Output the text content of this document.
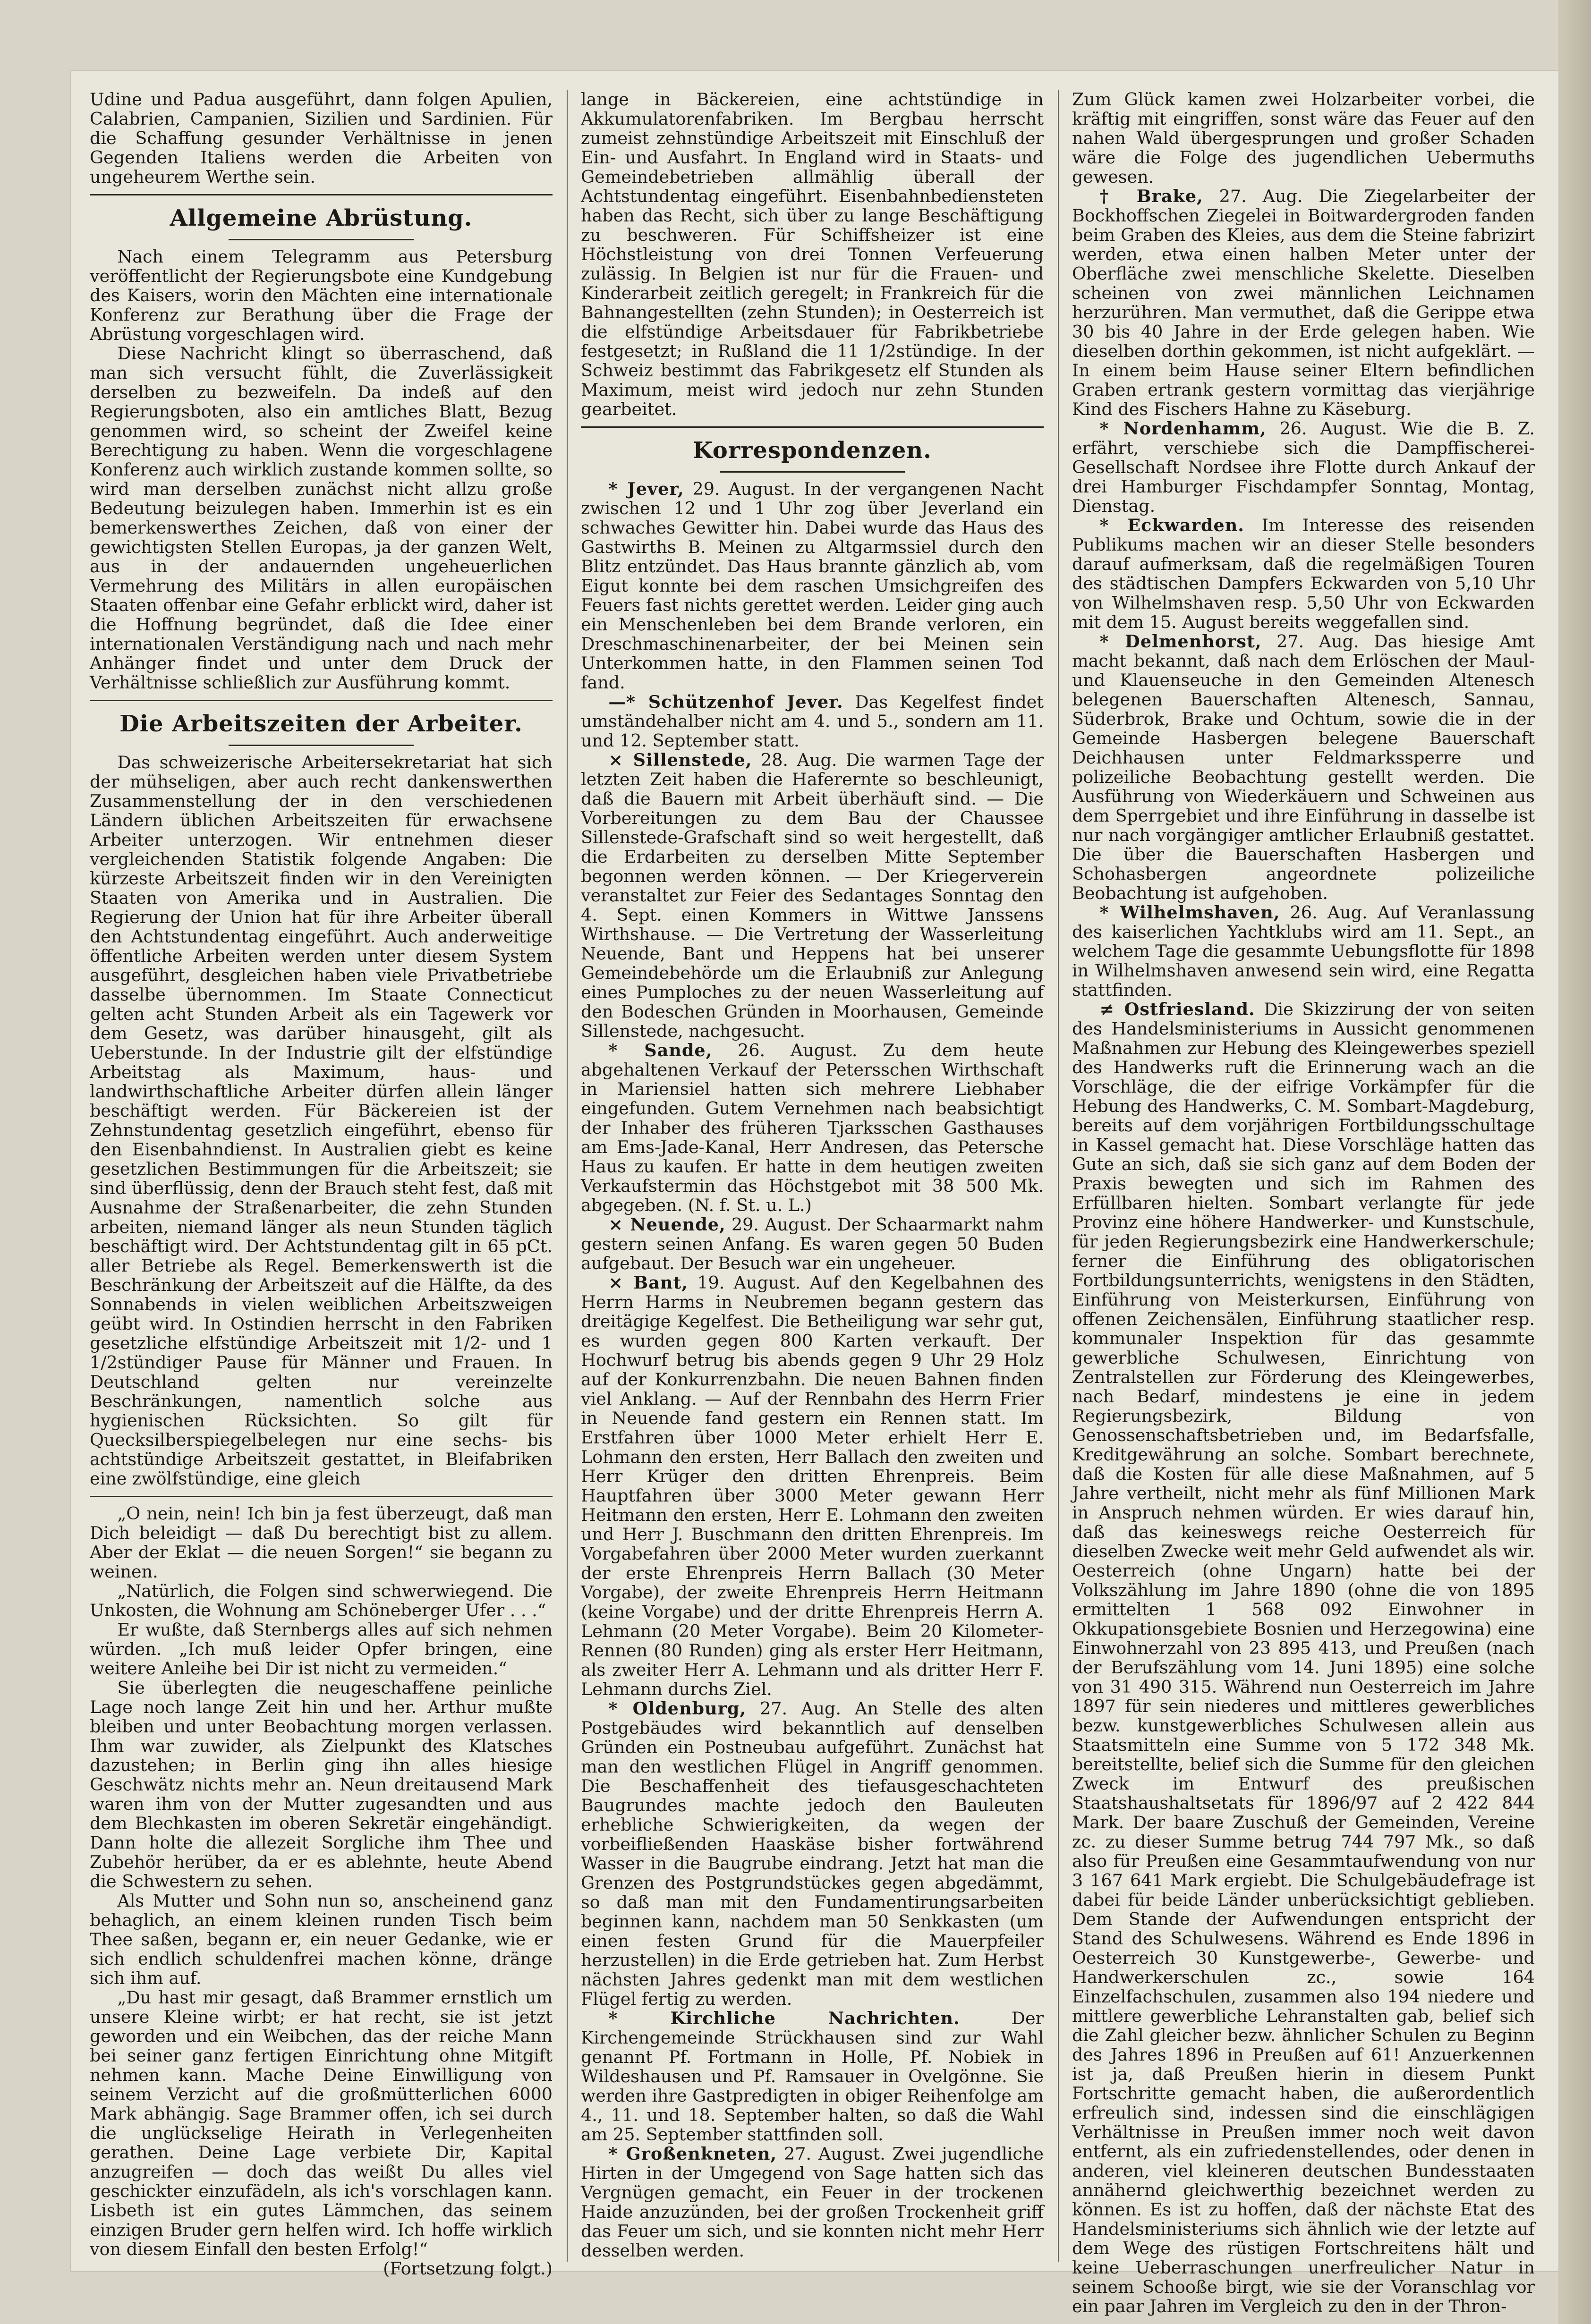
Udine und Padua ausgeführt, dann folgen Apulien, Calabrien, Campanien, Sizilien und Sardinien. Für die Schaffung gesunder Verhältnisse in jenen Gegenden Italiens werden die Arbeiten von ungeheurem Werthe sein.

Allgemeine Abrüstung.

Nach einem Telegramm aus Petersburg veröffentlicht der Regierungsbote eine Kundgebung des Kaisers, worin den Mächten eine internationale Konferenz zur Berathung über die Frage der Abrüstung vorgeschlagen wird.

Diese Nachricht klingt so überraschend, daß man sich versucht fühlt, die Zuverlässigkeit derselben zu bezweifeln. Da indeß auf den Regierungsboten, also ein amtliches Blatt, Bezug genommen wird, so scheint der Zweifel keine Berechtigung zu haben. Wenn die vorgeschlagene Konferenz auch wirklich zustande kommen sollte, so wird man derselben zunächst nicht allzu große Bedeutung beizulegen haben. Immerhin ist es ein bemerkenswerthes Zeichen, daß von einer der gewichtigsten Stellen Europas, ja der ganzen Welt, aus in der andauernden ungeheuerlichen Vermehrung des Militärs in allen europäischen Staaten offenbar eine Gefahr erblickt wird, daher ist die Hoffnung begründet, daß die Idee einer internationalen Verständigung nach und nach mehr Anhänger findet und unter dem Druck der Verhältnisse schließlich zur Ausführung kommt.

Die Arbeitszeiten der Arbeiter.

Das schweizerische Arbeitersekretariat hat sich der mühseligen, aber auch recht dankenswerthen Zusammenstellung der in den verschiedenen Ländern üblichen Arbeitszeiten für erwachsene Arbeiter unterzogen. Wir entnehmen dieser vergleichenden Statistik folgende Angaben: Die kürzeste Arbeitszeit finden wir in den Vereinigten Staaten von Amerika und in Australien. Die Regierung der Union hat für ihre Arbeiter überall den Achtstundentag eingeführt. Auch anderweitige öffentliche Arbeiten werden unter diesem System ausgeführt, desgleichen haben viele Privatbetriebe dasselbe übernommen. Im Staate Connecticut gelten acht Stunden Arbeit als ein Tagewerk vor dem Gesetz, was darüber hinausgeht, gilt als Ueberstunde. In der Industrie gilt der elfstündige Arbeitstag als Maximum, haus- und landwirthschaftliche Arbeiter dürfen allein länger beschäftigt werden. Für Bäckereien ist der Zehnstundentag gesetzlich eingeführt, ebenso für den Eisenbahndienst. In Australien giebt es keine gesetzlichen Bestimmungen für die Arbeitszeit; sie sind überflüssig, denn der Brauch steht fest, daß mit Ausnahme der Straßenarbeiter, die zehn Stunden arbeiten, niemand länger als neun Stunden täglich beschäftigt wird. Der Achtstundentag gilt in 65 pCt. aller Betriebe als Regel. Bemerkenswerth ist die Beschränkung der Arbeitszeit auf die Hälfte, da des Sonnabends in vielen weiblichen Arbeitszweigen geübt wird. In Ostindien herrscht in den Fabriken gesetzliche elfstündige Arbeitszeit mit 1/2- und 1 1/2stündiger Pause für Männer und Frauen. In Deutschland gelten nur vereinzelte Beschränkungen, namentlich solche aus hygienischen Rücksichten. So gilt für Quecksilberspiegelbelegen nur eine sechs- bis achtstündige Arbeitszeit gestattet, in Bleifabriken eine zwölfstündige, eine gleich

„O nein, nein! Ich bin ja fest überzeugt, daß man Dich beleidigt — daß Du berechtigt bist zu allem. Aber der Eklat — die neuen Sorgen!“ sie begann zu weinen.

„Natürlich, die Folgen sind schwerwiegend. Die Unkosten, die Wohnung am Schöneberger Ufer . . .“

Er wußte, daß Sternbergs alles auf sich nehmen würden. „Ich muß leider Opfer bringen, eine weitere Anleihe bei Dir ist nicht zu vermeiden.“

Sie überlegten die neugeschaffene peinliche Lage noch lange Zeit hin und her. Arthur mußte bleiben und unter Beobachtung morgen verlassen. Ihm war zuwider, als Zielpunkt des Klatsches dazustehen; in Berlin ging ihn alles hiesige Geschwätz nichts mehr an. Neun dreitausend Mark waren ihm von der Mutter zugesandten und aus dem Blechkasten im oberen Sekretär eingehändigt. Dann holte die allezeit Sorgliche ihm Thee und Zubehör herüber, da er es ablehnte, heute Abend die Schwestern zu sehen.

Als Mutter und Sohn nun so, anscheinend ganz behaglich, an einem kleinen runden Tisch beim Thee saßen, begann er, ein neuer Gedanke, wie er sich endlich schuldenfrei machen könne, dränge sich ihm auf.

„Du hast mir gesagt, daß Brammer ernstlich um unsere Kleine wirbt; er hat recht, sie ist jetzt geworden und ein Weibchen, das der reiche Mann bei seiner ganz fertigen Einrichtung ohne Mitgift nehmen kann. Mache Deine Einwilligung von seinem Verzicht auf die großmütterlichen 6000 Mark abhängig. Sage Brammer offen, ich sei durch die unglückselige Heirath in Verlegenheiten gerathen. Deine Lage verbiete Dir, Kapital anzugreifen — doch das weißt Du alles viel geschickter einzufädeln, als ich's vorschlagen kann. Lisbeth ist ein gutes Lämmchen, das seinem einzigen Bruder gern helfen wird. Ich hoffe wirklich von diesem Einfall den besten Erfolg!“

(Fortsetzung folgt.)

lange in Bäckereien, eine achtstündige in Akkumulatorenfabriken. Im Bergbau herrscht zumeist zehnstündige Arbeitszeit mit Einschluß der Ein- und Ausfahrt. In England wird in Staats- und Gemeindebetrieben allmählig überall der Achtstundentag eingeführt. Eisenbahnbediensteten haben das Recht, sich über zu lange Beschäftigung zu beschweren. Für Schiffsheizer ist eine Höchstleistung von drei Tonnen Verfeuerung zulässig. In Belgien ist nur für die Frauen- und Kinderarbeit zeitlich geregelt; in Frankreich für die Bahnangestellten (zehn Stunden); in Oesterreich ist die elfstündige Arbeitsdauer für Fabrikbetriebe festgesetzt; in Rußland die 11 1/2stündige. In der Schweiz bestimmt das Fabrikgesetz elf Stunden als Maximum, meist wird jedoch nur zehn Stunden gearbeitet.

Korrespondenzen.

* Jever, 29. August. In der vergangenen Nacht zwischen 12 und 1 Uhr zog über Jeverland ein schwaches Gewitter hin. Dabei wurde das Haus des Gastwirths B. Meinen zu Altgarmssiel durch den Blitz entzündet. Das Haus brannte gänzlich ab, vom Eigut konnte bei dem raschen Umsichgreifen des Feuers fast nichts gerettet werden. Leider ging auch ein Menschenleben bei dem Brande verloren, ein Dreschmaschinenarbeiter, der bei Meinen sein Unterkommen hatte, in den Flammen seinen Tod fand.

—* Schützenhof Jever. Das Kegelfest findet umständehalber nicht am 4. und 5., sondern am 11. und 12. September statt.

× Sillenstede, 28. Aug. Die warmen Tage der letzten Zeit haben die Haferernte so beschleunigt, daß die Bauern mit Arbeit überhäuft sind. — Die Vorbereitungen zu dem Bau der Chaussee Sillenstede-Grafschaft sind so weit hergestellt, daß die Erdarbeiten zu derselben Mitte September begonnen werden können. — Der Kriegerverein veranstaltet zur Feier des Sedantages Sonntag den 4. Sept. einen Kommers in Wittwe Janssens Wirthshause. — Die Vertretung der Wasserleitung Neuende, Bant und Heppens hat bei unserer Gemeindebehörde um die Erlaubniß zur Anlegung eines Pumploches zu der neuen Wasserleitung auf den Bodeschen Gründen in Moorhausen, Gemeinde Sillenstede, nachgesucht.

* Sande, 26. August. Zu dem heute abgehaltenen Verkauf der Petersschen Wirthschaft in Mariensiel hatten sich mehrere Liebhaber eingefunden. Gutem Vernehmen nach beabsichtigt der Inhaber des früheren Tjarksschen Gasthauses am Ems-Jade-Kanal, Herr Andresen, das Petersche Haus zu kaufen. Er hatte in dem heutigen zweiten Verkaufstermin das Höchstgebot mit 38 500 Mk. abgegeben. (N. f. St. u. L.)

⨯ Neuende, 29. August. Der Schaarmarkt nahm gestern seinen Anfang. Es waren gegen 50 Buden aufgebaut. Der Besuch war ein ungeheuer.

⨯ Bant, 19. August. Auf den Kegelbahnen des Herrn Harms in Neubremen begann gestern das dreitägige Kegelfest. Die Betheiligung war sehr gut, es wurden gegen 800 Karten verkauft. Der Hochwurf betrug bis abends gegen 9 Uhr 29 Holz auf der Konkurrenzbahn. Die neuen Bahnen finden viel Anklang. — Auf der Rennbahn des Herrn Frier in Neuende fand gestern ein Rennen statt. Im Erstfahren über 1000 Meter erhielt Herr E. Lohmann den ersten, Herr Ballach den zweiten und Herr Krüger den dritten Ehrenpreis. Beim Hauptfahren über 3000 Meter gewann Herr Heitmann den ersten, Herr E. Lohmann den zweiten und Herr J. Buschmann den dritten Ehrenpreis. Im Vorgabefahren über 2000 Meter wurden zuerkannt der erste Ehrenpreis Herrn Ballach (30 Meter Vorgabe), der zweite Ehrenpreis Herrn Heitmann (keine Vorgabe) und der dritte Ehrenpreis Herrn A. Lehmann (20 Meter Vorgabe). Beim 20 Kilometer-Rennen (80 Runden) ging als erster Herr Heitmann, als zweiter Herr A. Lehmann und als dritter Herr F. Lehmann durchs Ziel.

* Oldenburg, 27. Aug. An Stelle des alten Postgebäudes wird bekanntlich auf denselben Gründen ein Postneubau aufgeführt. Zunächst hat man den westlichen Flügel in Angriff genommen. Die Beschaffenheit des tiefausgeschachteten Baugrundes machte jedoch den Bauleuten erhebliche Schwierigkeiten, da wegen der vorbeifließenden Haaskäse bisher fortwährend Wasser in die Baugrube eindrang. Jetzt hat man die Grenzen des Postgrundstückes gegen abgedämmt, so daß man mit den Fundamentirungsarbeiten beginnen kann, nachdem man 50 Senkkasten (um einen festen Grund für die Mauerpfeiler herzustellen) in die Erde getrieben hat. Zum Herbst nächsten Jahres gedenkt man mit dem westlichen Flügel fertig zu werden.

* Kirchliche Nachrichten. Der Kirchengemeinde Strückhausen sind zur Wahl genannt Pf. Fortmann in Holle, Pf. Nobiek in Wildeshausen und Pf. Ramsauer in Ovelgönne. Sie werden ihre Gastpredigten in obiger Reihenfolge am 4., 11. und 18. September halten, so daß die Wahl am 25. September stattfinden soll.

* Großenkneten, 27. August. Zwei jugendliche Hirten in der Umgegend von Sage hatten sich das Vergnügen gemacht, ein Feuer in der trockenen Haide anzuzünden, bei der großen Trockenheit griff das Feuer um sich, und sie konnten nicht mehr Herr desselben werden.

Zum Glück kamen zwei Holzarbeiter vorbei, die kräftig mit eingriffen, sonst wäre das Feuer auf den nahen Wald übergesprungen und großer Schaden wäre die Folge des jugendlichen Uebermuths gewesen.

† Brake, 27. Aug. Die Ziegelarbeiter der Bockhoffschen Ziegelei in Boitwardergroden fanden beim Graben des Kleies, aus dem die Steine fabrizirt werden, etwa einen halben Meter unter der Oberfläche zwei menschliche Skelette. Dieselben scheinen von zwei männlichen Leichnamen herzurühren. Man vermuthet, daß die Gerippe etwa 30 bis 40 Jahre in der Erde gelegen haben. Wie dieselben dorthin gekommen, ist nicht aufgeklärt. — In einem beim Hause seiner Eltern befindlichen Graben ertrank gestern vormittag das vierjährige Kind des Fischers Hahne zu Käseburg.

* Nordenhamm, 26. August. Wie die B. Z. erfährt, verschiebe sich die Dampffischerei-Gesellschaft Nordsee ihre Flotte durch Ankauf der drei Hamburger Fischdampfer Sonntag, Montag, Dienstag.

* Eckwarden. Im Interesse des reisenden Publikums machen wir an dieser Stelle besonders darauf aufmerksam, daß die regelmäßigen Touren des städtischen Dampfers Eckwarden von 5,10 Uhr von Wilhelmshaven resp. 5,50 Uhr von Eckwarden mit dem 15. August bereits weggefallen sind.

* Delmenhorst, 27. Aug. Das hiesige Amt macht bekannt, daß nach dem Erlöschen der Maul- und Klauenseuche in den Gemeinden Altenesch belegenen Bauerschaften Altenesch, Sannau, Süderbrok, Brake und Ochtum, sowie die in der Gemeinde Hasbergen belegene Bauerschaft Deichhausen unter Feldmarkssperre und polizeiliche Beobachtung gestellt werden. Die Ausführung von Wiederkäuern und Schweinen aus dem Sperrgebiet und ihre Einführung in dasselbe ist nur nach vorgängiger amtlicher Erlaubniß gestattet. Die über die Bauerschaften Hasbergen und Schohasbergen angeordnete polizeiliche Beobachtung ist aufgehoben.

* Wilhelmshaven, 26. Aug. Auf Veranlassung des kaiserlichen Yachtklubs wird am 11. Sept., an welchem Tage die gesammte Uebungsflotte für 1898 in Wilhelmshaven anwesend sein wird, eine Regatta stattfinden.

≠ Ostfriesland. Die Skizzirung der von seiten des Handelsministeriums in Aussicht genommenen Maßnahmen zur Hebung des Kleingewerbes speziell des Handwerks ruft die Erinnerung wach an die Vorschläge, die der eifrige Vorkämpfer für die Hebung des Handwerks, C. M. Sombart-Magdeburg, bereits auf dem vorjährigen Fortbildungsschultage in Kassel gemacht hat. Diese Vorschläge hatten das Gute an sich, daß sie sich ganz auf dem Boden der Praxis bewegten und sich im Rahmen des Erfüllbaren hielten. Sombart verlangte für jede Provinz eine höhere Handwerker- und Kunstschule, für jeden Regierungsbezirk eine Handwerkerschule; ferner die Einführung des obligatorischen Fortbildungsunterrichts, wenigstens in den Städten, Einführung von Meisterkursen, Einführung von offenen Zeichensälen, Einführung staatlicher resp. kommunaler Inspektion für das gesammte gewerbliche Schulwesen, Einrichtung von Zentralstellen zur Förderung des Kleingewerbes, nach Bedarf, mindestens je eine in jedem Regierungsbezirk, Bildung von Genossenschaftsbetrieben und, im Bedarfsfalle, Kreditgewährung an solche. Sombart berechnete, daß die Kosten für alle diese Maßnahmen, auf 5 Jahre vertheilt, nicht mehr als fünf Millionen Mark in Anspruch nehmen würden. Er wies darauf hin, daß das keineswegs reiche Oesterreich für dieselben Zwecke weit mehr Geld aufwendet als wir. Oesterreich (ohne Ungarn) hatte bei der Volkszählung im Jahre 1890 (ohne die von 1895 ermittelten 1 568 092 Einwohner in Okkupationsgebiete Bosnien und Herzegowina) eine Einwohnerzahl von 23 895 413, und Preußen (nach der Berufszählung vom 14. Juni 1895) eine solche von 31 490 315. Während nun Oesterreich im Jahre 1897 für sein niederes und mittleres gewerbliches bezw. kunstgewerbliches Schulwesen allein aus Staatsmitteln eine Summe von 5 172 348 Mk. bereitstellte, belief sich die Summe für den gleichen Zweck im Entwurf des preußischen Staatshaushaltsetats für 1896/97 auf 2 422 844 Mark. Der baare Zuschuß der Gemeinden, Vereine zc. zu dieser Summe betrug 744 797 Mk., so daß also für Preußen eine Gesammtaufwendung von nur 3 167 641 Mark ergiebt. Die Schulgebäudefrage ist dabei für beide Länder unberücksichtigt geblieben. Dem Stande der Aufwendungen entspricht der Stand des Schulwesens. Während es Ende 1896 in Oesterreich 30 Kunstgewerbe-, Gewerbe- und Handwerkerschulen zc., sowie 164 Einzelfachschulen, zusammen also 194 niedere und mittlere gewerbliche Lehranstalten gab, belief sich die Zahl gleicher bezw. ähnlicher Schulen zu Beginn des Jahres 1896 in Preußen auf 61! Anzuerkennen ist ja, daß Preußen hierin in diesem Punkt Fortschritte gemacht haben, die außerordentlich erfreulich sind, indessen sind die einschlägigen Verhältnisse in Preußen immer noch weit davon entfernt, als ein zufriedenstellendes, oder denen in anderen, viel kleineren deutschen Bundesstaaten annähernd gleichwerthig bezeichnet werden zu können. Es ist zu hoffen, daß der nächste Etat des Handelsministeriums sich ähnlich wie der letzte auf dem Wege des rüstigen Fortschreitens hält und keine Ueberraschungen unerfreulicher Natur in seinem Schooße birgt, wie sie der Voranschlag vor ein paar Jahren im Vergleich zu den in der Thron-
